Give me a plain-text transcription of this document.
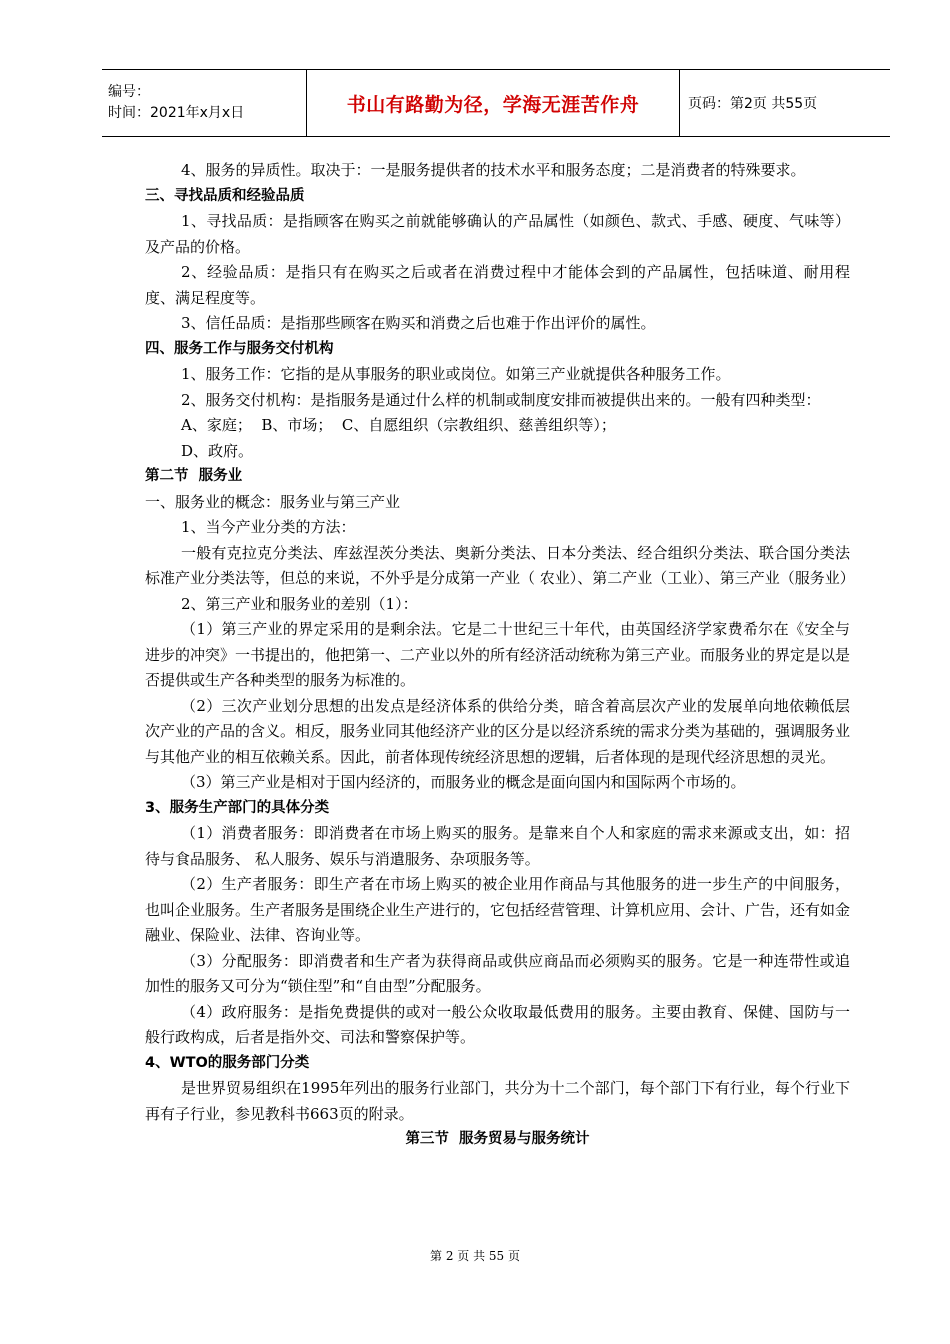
编号：
时间：2021年x月x日	书山有路勤为径，学海无涯苦作舟	页码：第2页 共55页

4、服务的异质性。取决于：一是服务提供者的技术水平和服务态度；二是消费者的特殊要求。

三、寻找品质和经验品质

1、寻找品质：是指顾客在购买之前就能够确认的产品属性（如颜色、款式、手感、硬度、气味等）及产品的价格。

2、经验品质：是指只有在购买之后或者在消费过程中才能体会到的产品属性，包括味道、耐用程度、满足程度等。

3、信任品质：是指那些顾客在购买和消费之后也难于作出评价的属性。

四、服务工作与服务交付机构

1、服务工作：它指的是从事服务的职业或岗位。如第三产业就提供各种服务工作。

2、服务交付机构：是指服务是通过什么样的机制或制度安排而被提供出来的。一般有四种类型：

A、家庭；  B、市场；  C、自愿组织（宗教组织、慈善组织等）；

D、政府。

第二节  服务业

一、服务业的概念：服务业与第三产业

1、当今产业分类的方法：

一般有克拉克分类法、库兹涅茨分类法、奥新分类法、日本分类法、经合组织分类法、联合国分类法标准产业分类法等，但总的来说，不外乎是分成第一产业（ 农业）、第二产业（工业）、第三产业（服务业）

2、第三产业和服务业的差别（1）：

（1）第三产业的界定采用的是剩余法。它是二十世纪三十年代，由英国经济学家费希尔在《安全与进步的冲突》一书提出的，他把第一、二产业以外的所有经济活动统称为第三产业。而服务业的界定是以是否提供或生产各种类型的服务为标准的。

（2）三次产业划分思想的出发点是经济体系的供给分类，暗含着高层次产业的发展单向地依赖低层次产业的产品的含义。相反，服务业同其他经济产业的区分是以经济系统的需求分类为基础的，强调服务业与其他产业的相互依赖关系。因此，前者体现传统经济思想的逻辑，后者体现的是现代经济思想的灵光。

（3）第三产业是相对于国内经济的，而服务业的概念是面向国内和国际两个市场的。

3、服务生产部门的具体分类

（1）消费者服务：即消费者在市场上购买的服务。是靠来自个人和家庭的需求来源或支出，如：招待与食品服务、 私人服务、娱乐与消遣服务、杂项服务等。

（2）生产者服务：即生产者在市场上购买的被企业用作商品与其他服务的进一步生产的中间服务，也叫企业服务。生产者服务是围绕企业生产进行的，它包括经营管理、计算机应用、会计、广告，还有如金融业、保险业、法律、咨询业等。

（3）分配服务：即消费者和生产者为获得商品或供应商品而必须购买的服务。它是一种连带性或追加性的服务又可分为“锁住型”和“自由型”分配服务。

（4）政府服务：是指免费提供的或对一般公众收取最低费用的服务。主要由教育、保健、国防与一般行政构成，后者是指外交、司法和警察保护等。

4、WTO的服务部门分类

是世界贸易组织在1995年列出的服务行业部门，共分为十二个部门，每个部门下有行业，每个行业下再有子行业，参见教科书663页的附录。

第三节  服务贸易与服务统计

第 2 页 共 55 页
